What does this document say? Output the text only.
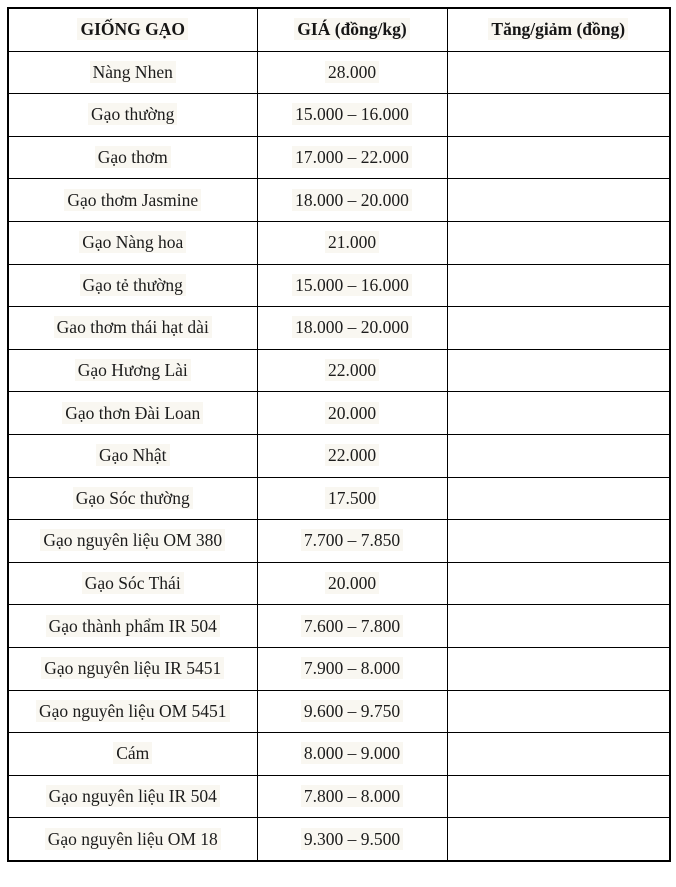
GIỐNG GẠO	GIÁ (đồng/kg)	Tăng/giảm (đồng)
Nàng Nhen	28.000	
Gạo thường	15.000 – 16.000	
Gạo thơm	17.000 – 22.000	
Gạo thơm Jasmine	18.000 – 20.000	
Gạo Nàng hoa	21.000	
Gạo tẻ thường	15.000 – 16.000	
Gao thơm thái hạt dài	18.000 – 20.000	
Gạo Hương Lài	22.000	
Gạo thơn Đài Loan	20.000	
Gạo Nhật	22.000	
Gạo Sóc thường	17.500	
Gạo nguyên liệu OM 380	7.700 – 7.850	
Gạo Sóc Thái	20.000	
Gạo thành phẩm IR 504	7.600 – 7.800	
Gạo nguyên liệu IR 5451	7.900 – 8.000	
Gạo nguyên liệu OM 5451	9.600 – 9.750	
Cám	8.000 – 9.000	
Gạo nguyên liệu IR 504	7.800 – 8.000	
Gạo nguyên liệu OM 18	9.300 – 9.500	
